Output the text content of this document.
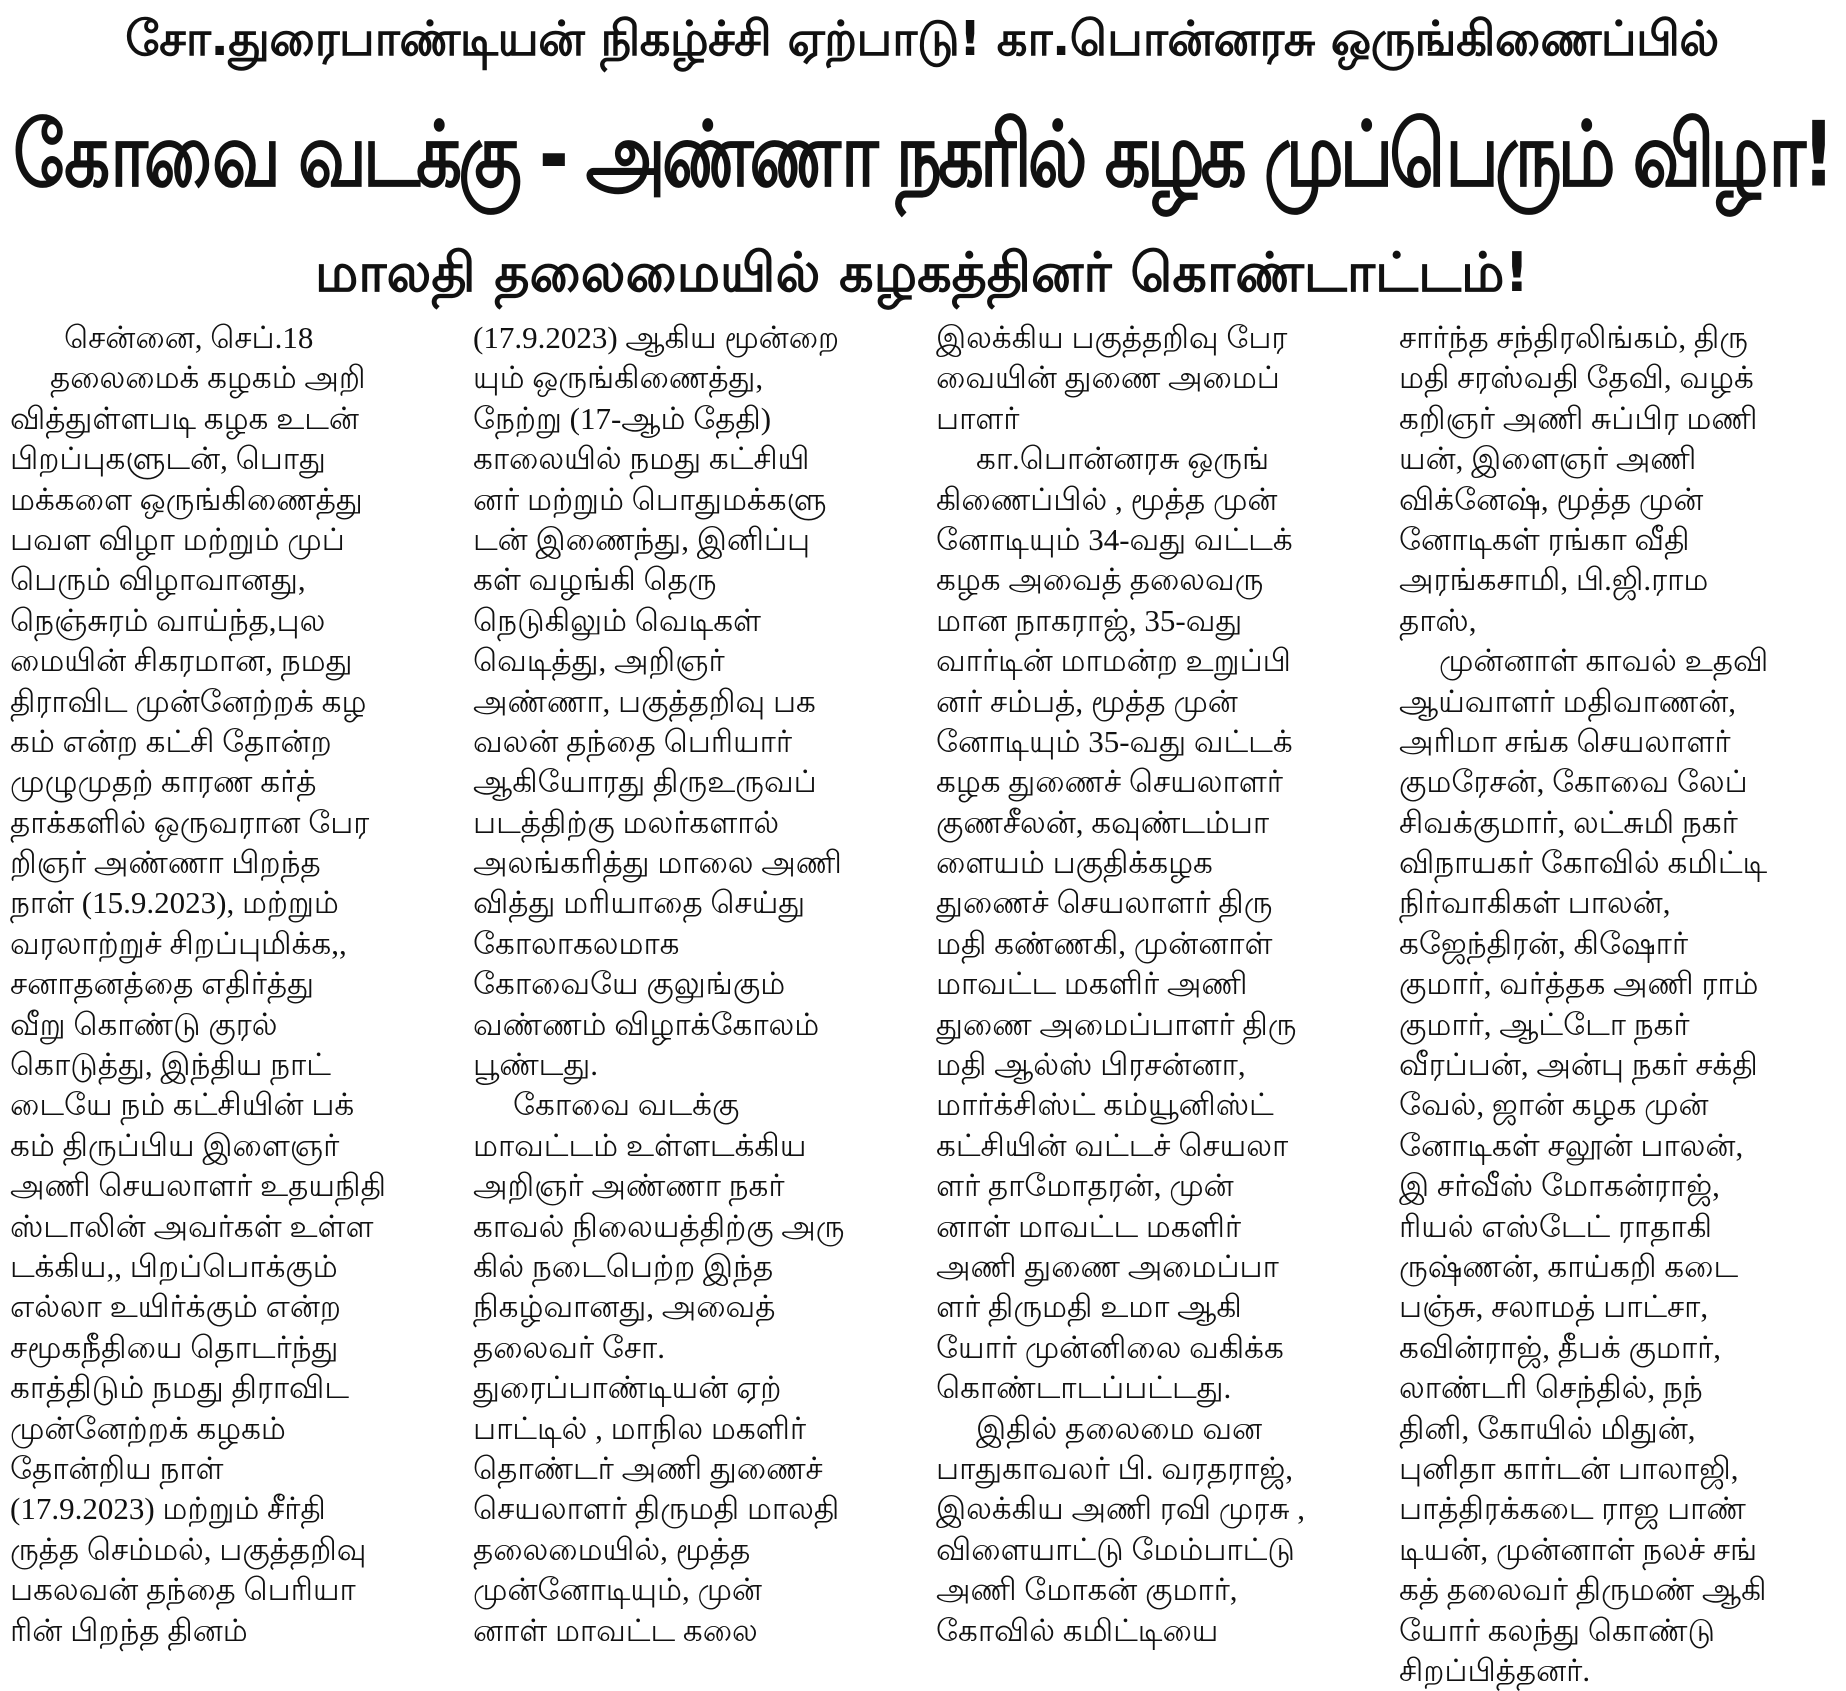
சோ.துரைபாண்டியன் நிகழ்ச்சி ஏற்பாடு! கா.பொன்னரசு ஒருங்கிணைப்பில்
கோவை வடக்கு - அண்ணா நகரில் கழக முப்பெரும் விழா!
மாலதி தலைமையில் கழகத்தினர் கொண்டாட்டம்!
சென்னை, செப்.18
தலைமைக் கழகம் அறி
வித்துள்ளபடி கழக உடன்
பிறப்புகளுடன், பொது
மக்களை ஒருங்கிணைத்து
பவள விழா மற்றும் முப்
பெரும் விழாவானது,
நெஞ்சுரம் வாய்ந்த,புல
மையின் சிகரமான, நமது
திராவிட முன்னேற்றக் கழ
கம் என்ற கட்சி தோன்ற
முழுமுதற் காரண கர்த்
தாக்களில் ஒருவரான பேர
றிஞர் அண்ணா பிறந்த
நாள் (15.9.2023), மற்றும்
வரலாற்றுச் சிறப்புமிக்க,,
சனாதனத்தை எதிர்த்து
வீறு கொண்டு குரல்
கொடுத்து, இந்திய நாட்
டையே நம் கட்சியின் பக்
கம் திருப்பிய இளைஞர்
அணி செயலாளர் உதயநிதி
ஸ்டாலின் அவர்கள் உள்ள
டக்கிய,, பிறப்பொக்கும்
எல்லா உயிர்க்கும் என்ற
சமூகநீதியை தொடர்ந்து
காத்திடும் நமது திராவிட
முன்னேற்றக் கழகம்
தோன்றிய நாள்
(17.9.2023) மற்றும் சீர்தி
ருத்த செம்மல், பகுத்தறிவு
பகலவன் தந்தை பெரியா
ரின் பிறந்த தினம்
(17.9.2023) ஆகிய மூன்றை
யும் ஒருங்கிணைத்து,
நேற்று (17-ஆம் தேதி)
காலையில் நமது கட்சியி
னர் மற்றும் பொதுமக்களு
டன் இணைந்து, இனிப்பு
கள் வழங்கி தெரு
நெடுகிலும் வெடிகள்
வெடித்து, அறிஞர்
அண்ணா, பகுத்தறிவு பக
வலன் தந்தை பெரியார்
ஆகியோரது திருஉருவப்
படத்திற்கு மலர்களால்
அலங்கரித்து மாலை அணி
வித்து மரியாதை செய்து
கோலாகலமாக
கோவையே குலுங்கும்
வண்ணம் விழாக்கோலம்
பூண்டது.
கோவை வடக்கு
மாவட்டம் உள்ளடக்கிய
அறிஞர் அண்ணா நகர்
காவல் நிலையத்திற்கு அரு
கில் நடைபெற்ற இந்த
நிகழ்வானது, அவைத்
தலைவர் சோ.
துரைப்பாண்டியன் ஏற்
பாட்டில் , மாநில மகளிர்
தொண்டர் அணி துணைச்
செயலாளர் திருமதி மாலதி
தலைமையில், மூத்த
முன்னோடியும், முன்
னாள் மாவட்ட கலை
இலக்கிய பகுத்தறிவு பேர
வையின் துணை அமைப்
பாளர்
கா.பொன்னரசு ஒருங்
கிணைப்பில் , மூத்த முன்
னோடியும் 34-வது வட்டக்
கழக அவைத் தலைவரு
மான நாகராஜ், 35-வது
வார்டின் மாமன்ற உறுப்பி
னர் சம்பத், மூத்த முன்
னோடியும் 35-வது வட்டக்
கழக துணைச் செயலாளர்
குணசீலன், கவுண்டம்பா
ளையம் பகுதிக்கழக
துணைச் செயலாளர் திரு
மதி கண்ணகி, முன்னாள்
மாவட்ட மகளிர் அணி
துணை அமைப்பாளர் திரு
மதி ஆல்ஸ் பிரசன்னா,
மார்க்சிஸ்ட் கம்யூனிஸ்ட்
கட்சியின் வட்டச் செயலா
ளர் தாமோதரன், முன்
னாள் மாவட்ட மகளிர்
அணி துணை அமைப்பா
ளர் திருமதி உமா ஆகி
யோர் முன்னிலை வகிக்க
கொண்டாடப்பட்டது.
இதில் தலைமை வன
பாதுகாவலர் பி. வரதராஜ்,
இலக்கிய அணி ரவி முரசு ,
விளையாட்டு மேம்பாட்டு
அணி மோகன் குமார்,
கோவில் கமிட்டியை
சார்ந்த சந்திரலிங்கம், திரு
மதி சரஸ்வதி தேவி, வழக்
கறிஞர் அணி சுப்பிர மணி
யன், இளைஞர் அணி
விக்னேஷ், மூத்த முன்
னோடிகள் ரங்கா வீதி
அரங்கசாமி, பி.ஜி.ராம
தாஸ்,
முன்னாள் காவல் உதவி
ஆய்வாளர் மதிவாணன்,
அரிமா சங்க செயலாளர்
குமரேசன், கோவை லேப்
சிவக்குமார், லட்சுமி நகர்
விநாயகர் கோவில் கமிட்டி
நிர்வாகிகள் பாலன்,
கஜேந்திரன், கிஷோர்
குமார், வர்த்தக அணி ராம்
குமார், ஆட்டோ நகர்
வீரப்பன், அன்பு நகர் சக்தி
வேல், ஜான் கழக முன்
னோடிகள் சலூன் பாலன்,
இ சர்வீஸ் மோகன்ராஜ்,
ரியல் எஸ்டேட் ராதாகி
ருஷ்ணன், காய்கறி கடை
பஞ்சு, சலாமத் பாட்சா,
கவின்ராஜ், தீபக் குமார்,
லாண்டரி செந்தில், நந்
தினி, கோயில் மிதுன்,
புனிதா கார்டன் பாலாஜி,
பாத்திரக்கடை ராஜ பாண்
டியன், முன்னாள் நலச் சங்
கத் தலைவர் திருமண் ஆகி
யோர் கலந்து கொண்டு
சிறப்பித்தனர்.
